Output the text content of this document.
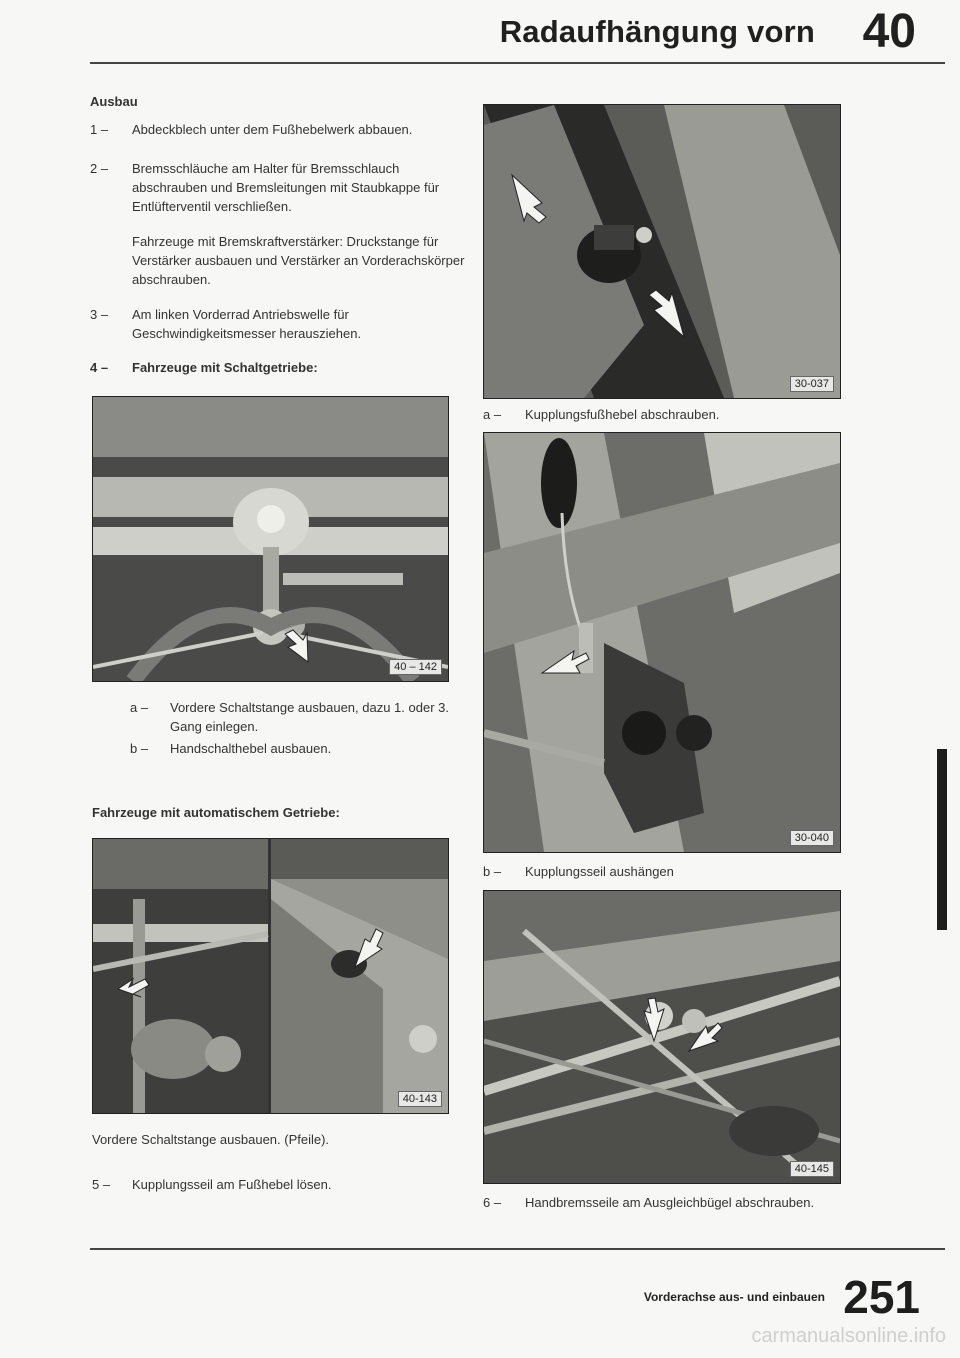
Radaufhängung vorn 40
Ausbau
1 –	Abdeckblech unter dem Fußhebelwerk abbauen.
2 –	Bremsschläuche am Halter für Bremsschlauch abschrauben und Bremsleitungen mit Staubkappe für Entlüfterventil verschließen.
Fahrzeuge mit Bremskraftverstärker: Druckstange für Verstärker ausbauen und Verstärker an Vorderachskörper abschrauben.
3 –	Am linken Vorderrad Antriebswelle für Geschwindigkeitsmesser herausziehen.
4 –	Fahrzeuge mit Schaltgetriebe:
40 – 142
a – Vordere Schaltstange ausbauen, dazu 1. oder 3. Gang einlegen.
b – Handschalthebel ausbauen.
Fahrzeuge mit automatischem Getriebe:
40-143
Vordere Schaltstange ausbauen. (Pfeile).
5 – Kupplungsseil am Fußhebel lösen.
30-037
a – Kupplungsfußhebel abschrauben.
30-040
b – Kupplungsseil aushängen
40-145
6 – Handbremsseile am Ausgleichbügel abschrauben.
Vorderachse aus- und einbauen 251
carmanualsonline.info
